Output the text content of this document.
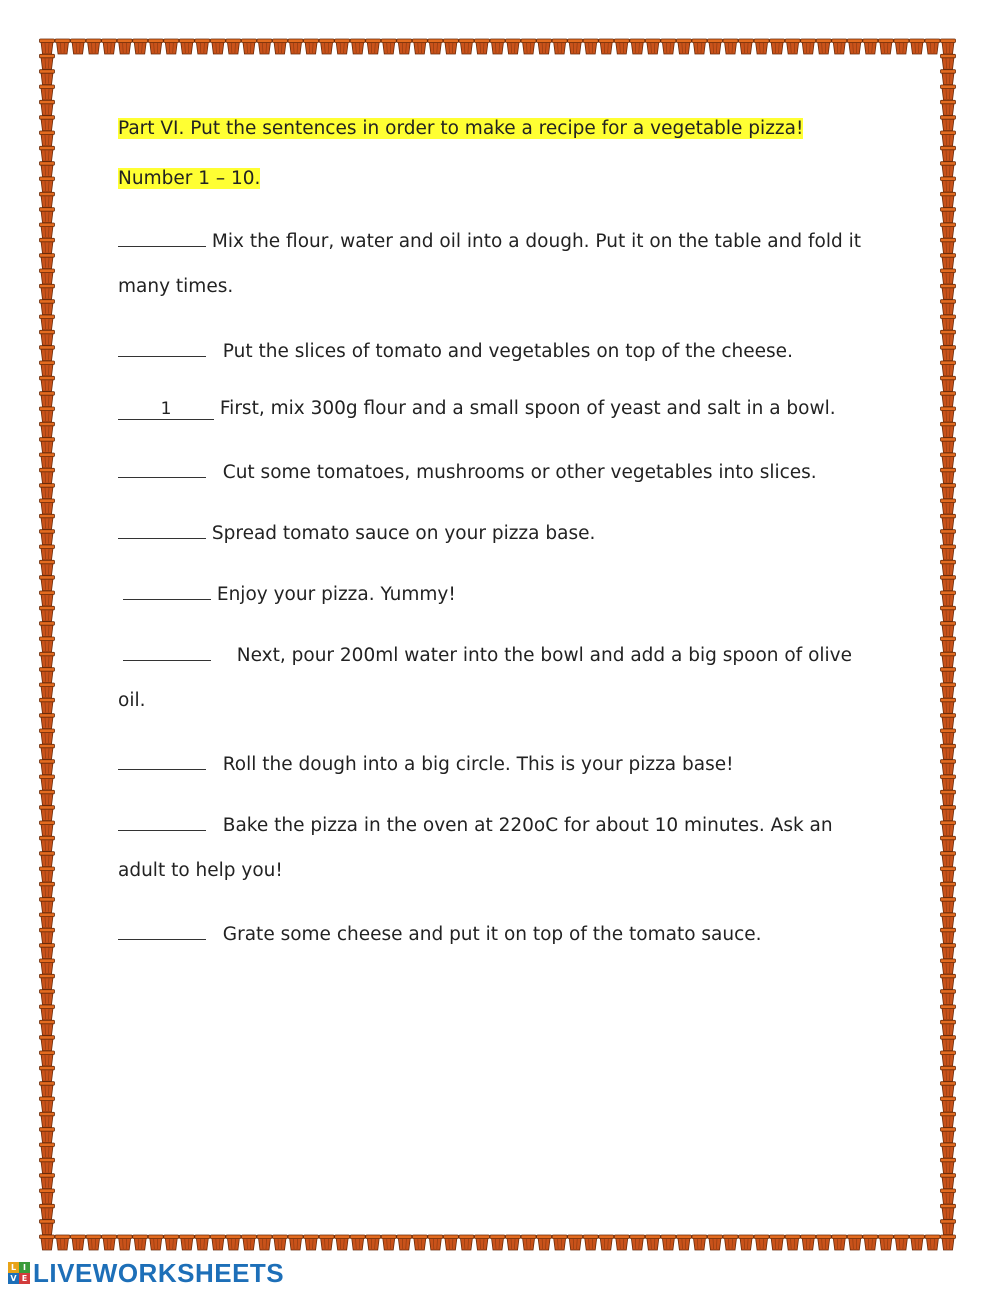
Part VI. Put the sentences in order to make a recipe for a vegetable pizza!
Number 1 – 10.
Mix the flour, water and oil into a dough. Put it on the table and fold it
many times.
Put the slices of tomato and vegetables on top of the cheese.
1	First, mix 300g flour and a small spoon of yeast and salt in a bowl.
Cut some tomatoes, mushrooms or other vegetables into slices.
Spread tomato sauce on your pizza base.
Enjoy your pizza. Yummy!
Next, pour 200ml water into the bowl and add a big spoon of olive
oil.
Roll the dough into a big circle. This is your pizza base!
Bake the pizza in the oven at 220oC for about 10 minutes. Ask an
adult to help you!
Grate some cheese and put it on top of the tomato sauce.
L I
V E LIVEWORKSHEETS
